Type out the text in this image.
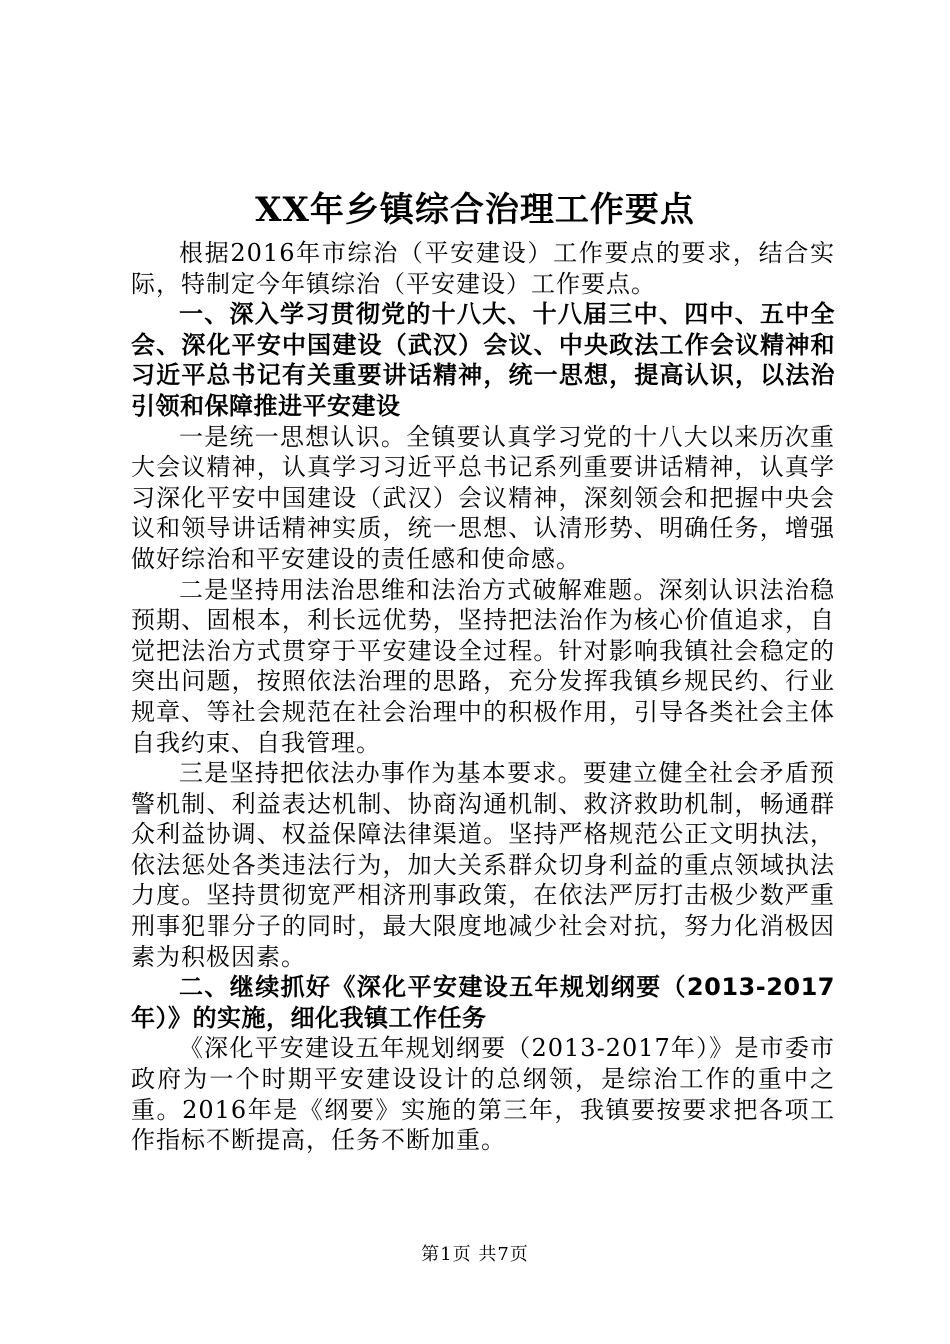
XX年乡镇综合治理工作要点

根据2016年市综治（平安建设）工作要点的要求，结合实际，特制定今年镇综治（平安建设）工作要点。

一、深入学习贯彻党的十八大、十八届三中、四中、五中全会、深化平安中国建设（武汉）会议、中央政法工作会议精神和习近平总书记有关重要讲话精神，统一思想，提高认识，以法治引领和保障推进平安建设

一是统一思想认识。全镇要认真学习党的十八大以来历次重大会议精神，认真学习习近平总书记系列重要讲话精神，认真学习深化平安中国建设（武汉）会议精神，深刻领会和把握中央会议和领导讲话精神实质，统一思想、认清形势、明确任务，增强做好综治和平安建设的责任感和使命感。

二是坚持用法治思维和法治方式破解难题。深刻认识法治稳预期、固根本，利长远优势，坚持把法治作为核心价值追求，自觉把法治方式贯穿于平安建设全过程。针对影响我镇社会稳定的突出问题，按照依法治理的思路，充分发挥我镇乡规民约、行业规章、等社会规范在社会治理中的积极作用，引导各类社会主体自我约束、自我管理。

三是坚持把依法办事作为基本要求。要建立健全社会矛盾预警机制、利益表达机制、协商沟通机制、救济救助机制，畅通群众利益协调、权益保障法律渠道。坚持严格规范公正文明执法，依法惩处各类违法行为，加大关系群众切身利益的重点领域执法力度。坚持贯彻宽严相济刑事政策，在依法严厉打击极少数严重刑事犯罪分子的同时，最大限度地减少社会对抗，努力化消极因素为积极因素。

二、继续抓好《深化平安建设五年规划纲要（2013-2017年）》的实施，细化我镇工作任务

《深化平安建设五年规划纲要（2013-2017年）》是市委市政府为一个时期平安建设设计的总纲领，是综治工作的重中之重。2016年是《纲要》实施的第三年，我镇要按要求把各项工作指标不断提高，任务不断加重。

第1页 共7页
